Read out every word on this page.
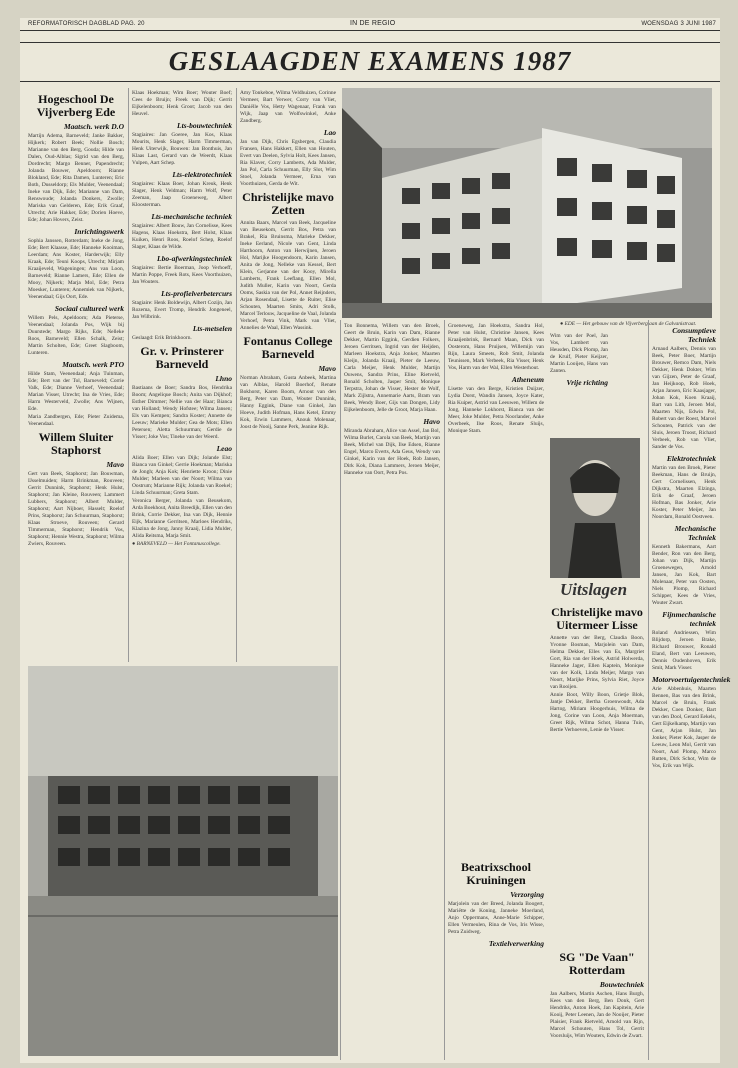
REFORMATORISCH DAGBLAD PAG. 20	IN DE REGIO	WOENSDAG 3 JUNI 1987
GESLAAGDEN EXAMENS 1987
Hogeschool De Vijverberg Ede
Maatsch. werk D.O

Martijn Adema, Barneveld; Janke Bakker, Hijkerk; Robert Beek; Nollie Bosch; Marianne van den Berg, Gouda; Hilde van Dalen, Oud-Alblas; Sigrid van den Berg, Dordrecht; Margo Benner, Papendrecht; Jolanda Bouwer, Apeldoorn; Rianne Blokland, Ede; Rita Damen, Lunteren; Eric Both, Dusseldorp; Els Mulder, Veenendaal; Ineke van Dijk, Ede; Marianne van Dam, Renswoude; Jolanda Donkers, Zwolle; Mariska van Gelderen, Ede; Erik Graaf, Utrecht; Arie Hakker, Ede; Dorien Hoeve, Ede; Johan Hovers, Zeist.

Inrichtingswerk

Sophia Janssen, Rotterdam; Ineke de Jong, Ede; Bert Klaasse, Ede; Hanneke Kooiman, Leerdam; Ans Koster, Harderwijk; Elly Kraak, Ede; Teuni Koops, Utrecht; Mirjam Kraaijeveld, Wageningen; Ans van Loon, Barneveld; Rianne Lamers, Ede; Ellen de Mooy, Nijkerk; Marja Mol, Ede; Petra Moesker, Lunteren; Annemiek van Nijkerk, Veenendaal; Gijs Oort, Ede.

Sociaal cultureel werk

Willem Pels, Apeldoorn; Ada Pieterse, Veenendaal; Jolanda Pos, Wijk bij Duurstede; Margo Rijks, Ede; Nelleke Roos, Barneveld; Ellen Schalk, Zeist; Martin Scholten, Ede; Greet Slagboom, Lunteren.

Maatsch. werk PTO

Hilde Stam, Veenendaal; Anja Tuinman, Ede; Bert van der Tol, Barneveld; Corrie Valk, Ede; Dianne Verhoef, Veenendaal; Marian Visser, Utrecht; Ina de Vries, Ede; Harm Westerveld, Zwolle; Ans Wijnen, Ede.

Maria Zandbergen, Ede; Pieter Zuidema, Veenendaal.

Willem Sluiter Staphorst
Mavo

Gert van Beek, Staphorst; Jan Bouwman, IJsselmuiden; Harm Brinkman, Rouveen; Gerrit Dunnink, Staphorst; Henk Hulst, Staphorst; Jan Kleine, Rouveen; Lammert Lubbers, Staphorst; Albert Mulder, Staphorst; Aart Nijboer, Hasselt; Roelof Prins, Staphorst; Jan Schuurman, Staphorst; Klaas Stroeve, Rouveen; Gerard Timmerman, Staphorst; Hendrik Vos, Staphorst; Hennie Westra, Staphorst; Wilma Zwiers, Rouveen.

Klaas Hoekman; Wim Boer; Wouter Boef; Cees de Bruijn; Freek van Dijk; Gerrit Eijkelenboom; Henk Groot; Jacob van den Heuvel.

Lts-bouwtechniek

Stagiaires: Jan Goeree, Jan Kos, Klaas Mourits, Henk Slager, Harm Timmerman, Henk Uiterwijk, Bouwen: Jan Bonthuis, Jan Klaas Last, Gerard van de Weerdt, Klaas Vulpen, Aart Schep.

Lts-elektrotechniek

Stagiaires: Klaas Boer, Johan Kreuk, Henk Slager, Henk Veldman; Harm Wolf, Peter Zeeman, Jaap Groeneweg, Albert Kloosterman.

Lts-mechanische techniek

Stagiaires: Albert Bouw, Jan Cornelisse, Kees Hagens, Klaas Hoekstra, Bert Holst, Klaas Kuiken, Henri Roos, Roelof Schep, Roelof Slager, Klaas de Wilde.

Lbo-afwerkingstechniek

Stagiaires: Bertie Boerman, Joop Verhoeff, Martin Poppe, Freek Rots, Kees Voorthuizen, Jan Wouters.

Lts-profielverbetercurs

Stagiaire: Henk Boldewijn, Albert Cozijn, Jan Rozema, Evert Tromp, Hendrik Jongeneel, Jan Wilbrink.

Lts-metselen

Geslaagd: Erik Brinkhoorn.

Gr. v. Prinsterer Barneveld
Lhno

Bastiaans de Boer; Sandra Bos, Hendrika Boom; Angelique Bosch; Anita van Dijkhof; Esther Dimmer; Nellie van der Haar; Bianca van Holland; Wendy Hofstee; Wilma Jansen; Els van Kempen; Sandra Koster; Annette de Leeuw; Marieke Mulder; Gea de Mots; Ellen Petersen; Aletta Schuurman; Gerdie de Visser; Joke Vos; Tineke van der Weerd.

Leao

Alida Boer; Ellen van Dijk; Jolande Elst; Bianca van Ginkel; Gerrie Hoekman; Mariska de Jongh; Anja Kok; Henriette Kroon; Dinie Mulder; Marleen van der Noort; Wilma van Oostrum; Marianne Rijk; Jolanda van Roekel; Linda Schuurman; Greta Stam.

Veronica Berger, Jolanda van Beusekom, Arda Boekhout, Anita Breedijk, Ellen van den Brink, Corrie Dekker, Ina van Dijk, Hennie Eijk, Marianne Gerritsen, Marloes Hendriks, Klazina de Jong, Janny Kraaij, Lidia Mulder, Alida Reitsma, Marja Smit.

● BARNEVELD — Het Fontanuscollege.

Amy Tonkeboe, Wilma Veldhuizen, Corinne Vermeer, Bart Verwer, Corry van Vliet, Daniëlle Vos, Hetty Wagenaar, Frank van Wijk, Jaap van Wolfswinkel, Anke Zandberg.

Lao

Jan van Dijk, Chris Egsbergen, Claudia Fransen, Hans Hakkert, Ellen van Houten, Evert van Deelen, Sylvia Holt, Kees Jansen, Ria Klaver, Corry Lamberts, Ada Mulder, Jan Pol, Carla Schuurman, Elly Slot, Wim Stoel, Jolanda Vermeer, Erna van Voorthuizen, Gerda de Wit.

Christelijke mavo Zetten

Annita Baars, Marcel van Beek, Jacqueline van Beusekom, Gerrit Bos, Petra van Brakel, Ria Bruinsma, Marieke Dekker, Ineke Eerland, Nicole van Gent, Linda Harthoorn, Anton van Herwijnen, Jeroen Hol, Marijke Hoogendoorn, Karin Jansen, Anita de Jong, Nelleke van Kessel, Bert Klein, Gerjanne van der Kooy, Mirella Lamberts, Frank Leeflang, Ellen Mol, Judith Muller, Karin van Noort, Gerda Ooms, Saskia van der Pol, Annet Reijnders, Arjan Rosendaal, Lisette de Ruiter, Elise Schouten, Maarten Smits, Adri Stolk, Marcel Terlouw, Jacqueline de Vaal, Jolanda Verhoef, Petra Vink, Mark van Vliet, Annelies de Waal, Ellen Wassink.

Fontanus College Barneveld
Mavo

Norman Abraham, Gusta Anbeek, Martina van Alblas, Harold Boerhof, Renate Bokhorst, Karen Boom, Arnout van den Berg, Peter van Dam, Wouter Dunnink, Hanny Eggink, Diane van Ginkel, Jan Hoeve, Judith Hofman, Hans Ketel, Emmy Kok, Erwin Lammers, Anouk Molenaar, Joost de Nooij, Sanne Perk, Jeanine Rijk.

● EDE — Het gebouw van de Vijverberg aan de Galvanistraat.

Ton Bonnema, Willem van den Broek, Geert de Bruin, Karin van Dam, Rianne Dekker, Martin Eggink, Gerdien Folkers, Jeroen Gerritsen, Ingrid van der Heijden, Marleen Hoekstra, Anja Jonker, Maarten Kleijn, Jolanda Kraaij, Pieter de Leeuw, Carla Meijer, Henk Mulder, Martijn Ouwens, Sandra Prins, Eline Rietveld, Ronald Scholten, Jasper Smit, Monique Terpstra, Johan de Visser, Hester de Wolf, Mark Zijlstra, Annemarie Aarts, Bram van Beek, Wendy Boer, Gijs van Dongen, Lidy Eijkelenboom, Jelle de Groot, Marja Haan.

Havo

Miranda Abraham, Alice van Assel, Jan Bol, Wilma Burlet, Carola van Beek, Martijn van Beek, Michel van Dijk, Ilse Edsen, Rianne Engel, Marco Everts, Ada Geus, Wendy van Ginkel, Karin van der Hoek, Rob Jansen, Dirk Kok, Diana Lammers, Jeroen Meijer, Hanneke van Oort, Petra Pos.

Groeneweg, Jan Hoekstra, Sandra Hol, Peter van Hulst, Christine Jansen, Kees Kraaijenbrink, Bernard Maan, Dick van Oosterom, Hans Pruijsen, Willemijn van Rijn, Laura Smeets, Rob Smit, Jolanda Teunissen, Mark Verbeek, Ria Visser, Henk Vos, Harm van der Wal, Ellen Westerhout.

Atheneum

Lisette van den Berge, Kristien Duijzer, Lydia Dorst, Wandin Jansen, Joyce Kater, Ria Kuiper, Astrid van Leeuwen, Willem de Jong, Hanneke Lokhorst, Bianca van der Meer, Joke Mulder, Petra Noorlander, Anke Overbeek, Ilse Roos, Renate Sluijs, Monique Stam.

Wim van der Poel, Jan Vos, Lambert van Heusden, Dick Plomp, Jan de Kruif, Pieter Keijzer, Martin Looijen, Hans van Zanten.

Vrije richting
Uitslagen
Christelijke mavo Uitermeer Lisse

Annette van der Berg, Claudia Boon, Yvonne Bosman, Marjolein van Dam, Helma Dekker, Elles van Es, Margriet Gort, Ria van der Hoek, Astrid Holwerda, Hanneke Jager, Ellen Kaptein, Monique van der Kolk, Linda Meijer, Margo van Noort, Marijke Prins, Sylvia Riet, Joyce van Rooijen.

Annie Boot, Willy Boon, Grietje Blok, Jantje Dekker, Bertha Groenwoudt, Ada Hartog, Miriam Hoogerhuis, Wilma de Jong, Corine van Loon, Anja Moerman, Greet Rijk, Wilma Schot, Hanna Tuin, Bertie Verhoeven, Lenie de Visser.

Consumptieve Techniek

Arnaud Aalbers, Dennis van Beek, Peter Boer, Martijn Brouwer, Remco Dam, Niels Dekker, Henk Dokter, Wim van Gijzen, Peter de Graaf, Jan Heijkoop, Rob Hoek, Arjan Jansen, Eric Kaasjager, Johan Kok, Koen Kraaij, Bart van Lith, Jeroen Mol, Maarten Nijs, Edwin Pol, Robert van der Roest, Marcel Schouten, Patrick van der Sluis, Jeroen Troost, Richard Verbeek, Rob van Vliet, Sander de Vos.

Elektrotechniek

Martin van den Broek, Pieter Beekman, Hans de Bruijn, Gert Cornelissen, Henk Dijkstra, Maarten Elzinga, Erik de Graaf, Jeroen Hofman, Bas Jonker, Arie Koster, Peter Meijer, Jan Noordam, Ronald Oostveen.

Mechanische Techniek

Kenneth Bakermans, Aart Bender, Ron van den Berg, Johan van Dijk, Martijn Groenewegen, Arnold Jansen, Jan Kok, Bart Molenaar, Peter van Oosten, Niels Plomp, Richard Schipper, Kees de Vries, Wouter Zwart.

Fijnmechanische techniek

Roland Andriessen, Wim Blijdorp, Jeroen Brake, Richard Brouwer, Ronald Eland, Bert van Leeuwen, Dennis Oudenhoven, Erik Smit, Mark Visser.

Motorvoertuigentechniek

Arie Abbenhuis, Maarten Bennen, Bas van den Brink, Marcel de Bruin, Frank Dekker, Coen Donker, Bart van den Dool, Gerard Eekels, Gert Eijkelkamp, Martijn van Gent, Arjan Hulst, Jan Jonker, Pieter Kok, Jasper de Leeuw, Leon Mol, Gerrit van Noort, Aad Plomp, Marco Rutten, Dirk Schot, Wim de Vos, Erik van Wijk.

Beatrixschool Kruiningen
Verzorging

Marjolein van der Breed, Jolanda Boogert, Mariëtte de Koning, Janneke Moerland, Anjo Oppermans, Anne-Marie Schipper, Ellen Vermeulen, Rina de Vos, Iris Wisse, Petra Zuidweg.

Textielverwerking
SG "De Vaan" Rotterdam
Bouwtechniek

Jan Aalbers, Martin Aschen, Hans Burgh, Kees van den Berg, Ben Donk, Gert Hendriks, Anton Hoek, Jan Kapitein, Arie Kooij, Peter Leenen, Jan de Nooijer, Pieter Plaisier, Frank Rietveld, Arnold van Rijn, Marcel Schouten, Hans Tol, Gerrit Voorsluijs, Wim Wouters, Edwin de Zwart.
